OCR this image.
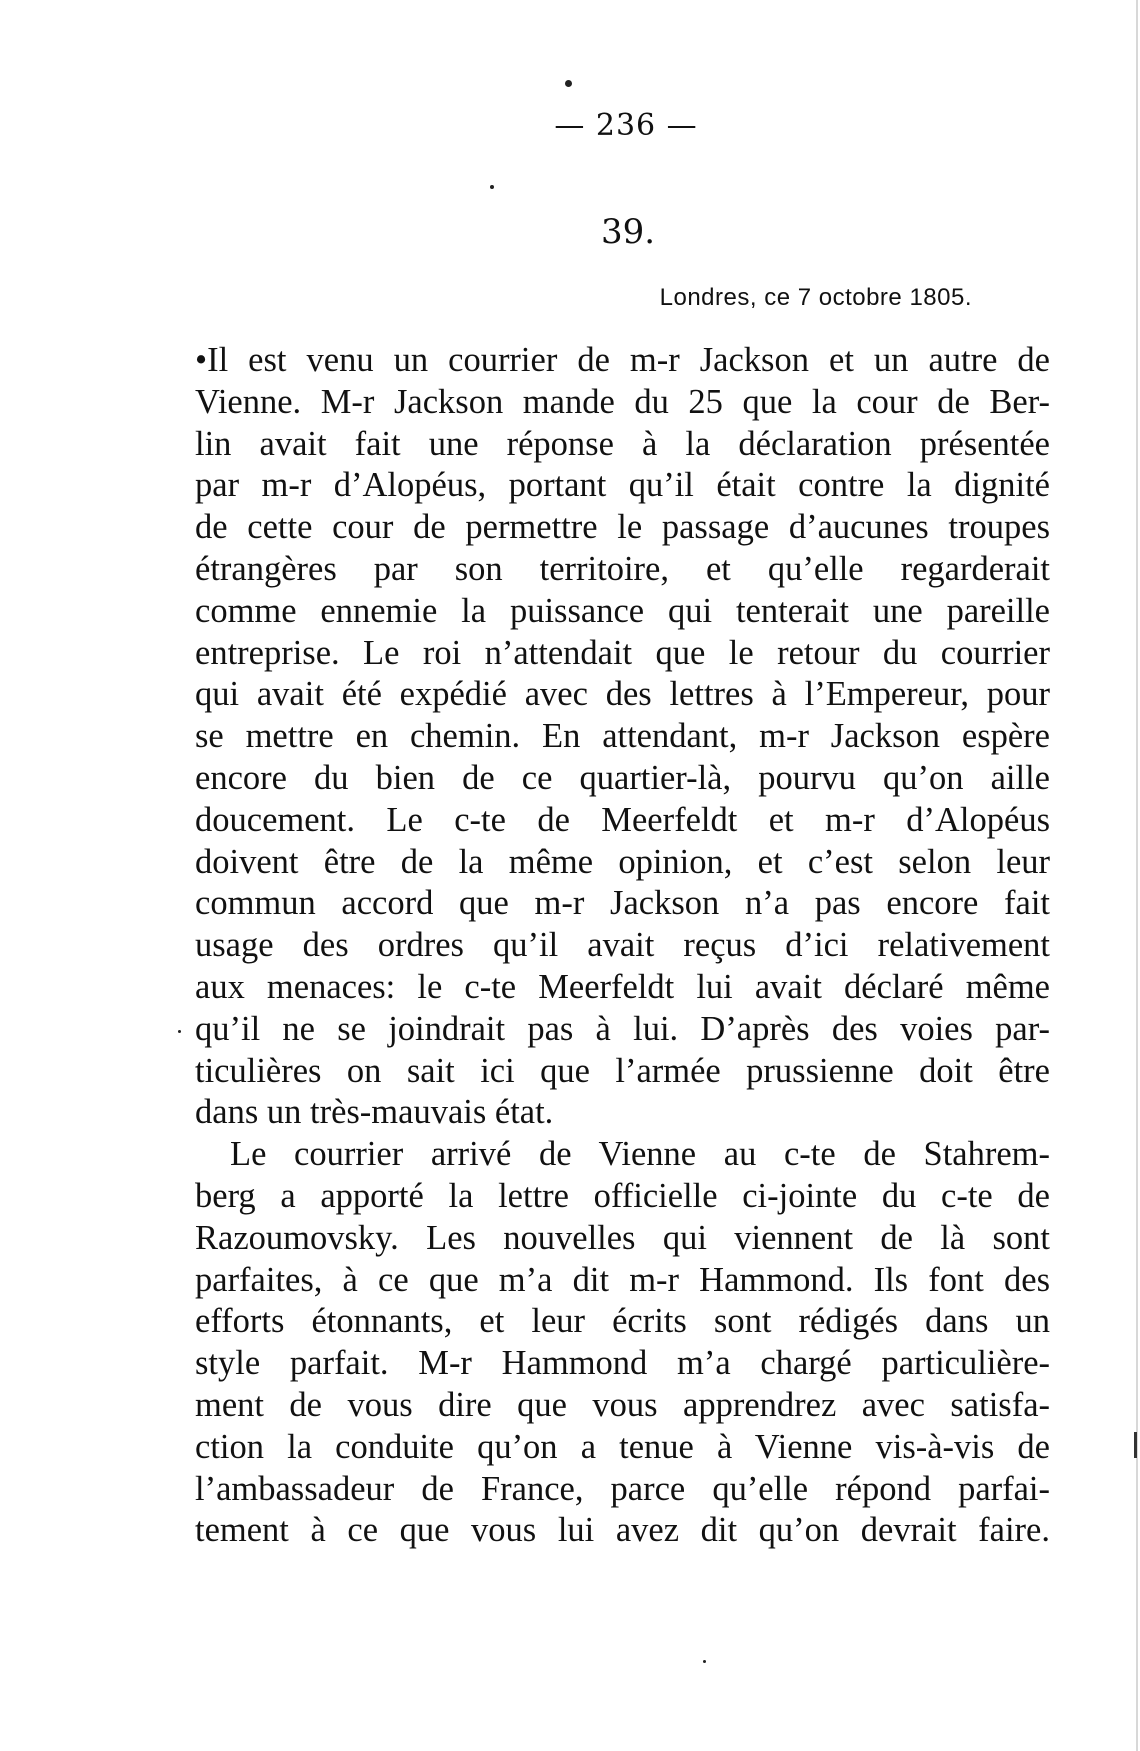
— 236 —
39.
Londres, ce 7 octobre 1805.
•Il est venu un courrier de m-r Jackson et un autre de
Vienne. M-r Jackson mande du 25 que la cour de Ber-
lin avait fait une réponse à la déclaration présentée
par m-r d’Alopéus, portant qu’il était contre la dignité
de cette cour de permettre le passage d’aucunes troupes
étrangères par son territoire, et qu’elle regarderait
comme ennemie la puissance qui tenterait une pareille
entreprise. Le roi n’attendait que le retour du courrier
qui avait été expédié avec des lettres à l’Empereur, pour
se mettre en chemin. En attendant, m-r Jackson espère
encore du bien de ce quartier-là, pourvu qu’on aille
doucement. Le c-te de Meerfeldt et m-r d’Alopéus
doivent être de la même opinion, et c’est selon leur
commun accord que m-r Jackson n’a pas encore fait
usage des ordres qu’il avait reçus d’ici relativement
aux menaces: le c-te Meerfeldt lui avait déclaré même
qu’il ne se joindrait pas à lui. D’après des voies par-
ticulières on sait ici que l’armée prussienne doit être
dans un très-mauvais état.
Le courrier arrivé de Vienne au c-te de Stahrem-
berg a apporté la lettre officielle ci-jointe du c-te de
Razoumovsky. Les nouvelles qui viennent de là sont
parfaites, à ce que m’a dit m-r Hammond. Ils font des
efforts étonnants, et leur écrits sont rédigés dans un
style parfait. M-r Hammond m’a chargé particulière-
ment de vous dire que vous apprendrez avec satisfa-
ction la conduite qu’on a tenue à Vienne vis-à-vis de
l’ambassadeur de France, parce qu’elle répond parfai-
tement à ce que vous lui avez dit qu’on devrait faire.
